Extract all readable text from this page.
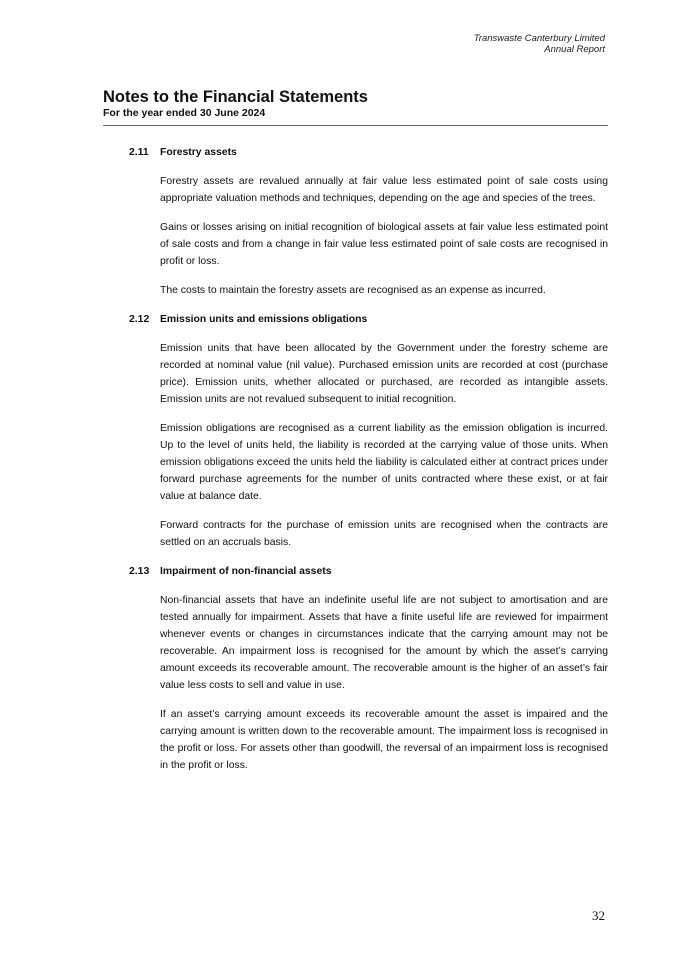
Transwaste Canterbury Limited
Annual Report
Notes to the Financial Statements
For the year ended 30 June 2024
2.11	Forestry assets

Forestry assets are revalued annually at fair value less estimated point of sale costs using appropriate valuation methods and techniques, depending on the age and species of the trees.

Gains or losses arising on initial recognition of biological assets at fair value less estimated point of sale costs and from a change in fair value less estimated point of sale costs are recognised in profit or loss.

The costs to maintain the forestry assets are recognised as an expense as incurred.

2.12	Emission units and emissions obligations

Emission units that have been allocated by the Government under the forestry scheme are recorded at nominal value (nil value). Purchased emission units are recorded at cost (purchase price). Emission units, whether allocated or purchased, are recorded as intangible assets. Emission units are not revalued subsequent to initial recognition.

Emission obligations are recognised as a current liability as the emission obligation is incurred. Up to the level of units held, the liability is recorded at the carrying value of those units. When emission obligations exceed the units held the liability is calculated either at contract prices under forward purchase agreements for the number of units contracted where these exist, or at fair value at balance date.

Forward contracts for the purchase of emission units are recognised when the contracts are settled on an accruals basis.

2.13	Impairment of non-financial assets

Non-financial assets that have an indefinite useful life are not subject to amortisation and are tested annually for impairment. Assets that have a finite useful life are reviewed for impairment whenever events or changes in circumstances indicate that the carrying amount may not be recoverable. An impairment loss is recognised for the amount by which the asset’s carrying amount exceeds its recoverable amount. The recoverable amount is the higher of an asset’s fair value less costs to sell and value in use.

If an asset’s carrying amount exceeds its recoverable amount the asset is impaired and the carrying amount is written down to the recoverable amount. The impairment loss is recognised in the profit or loss. For assets other than goodwill, the reversal of an impairment loss is recognised in the profit or loss.

32
